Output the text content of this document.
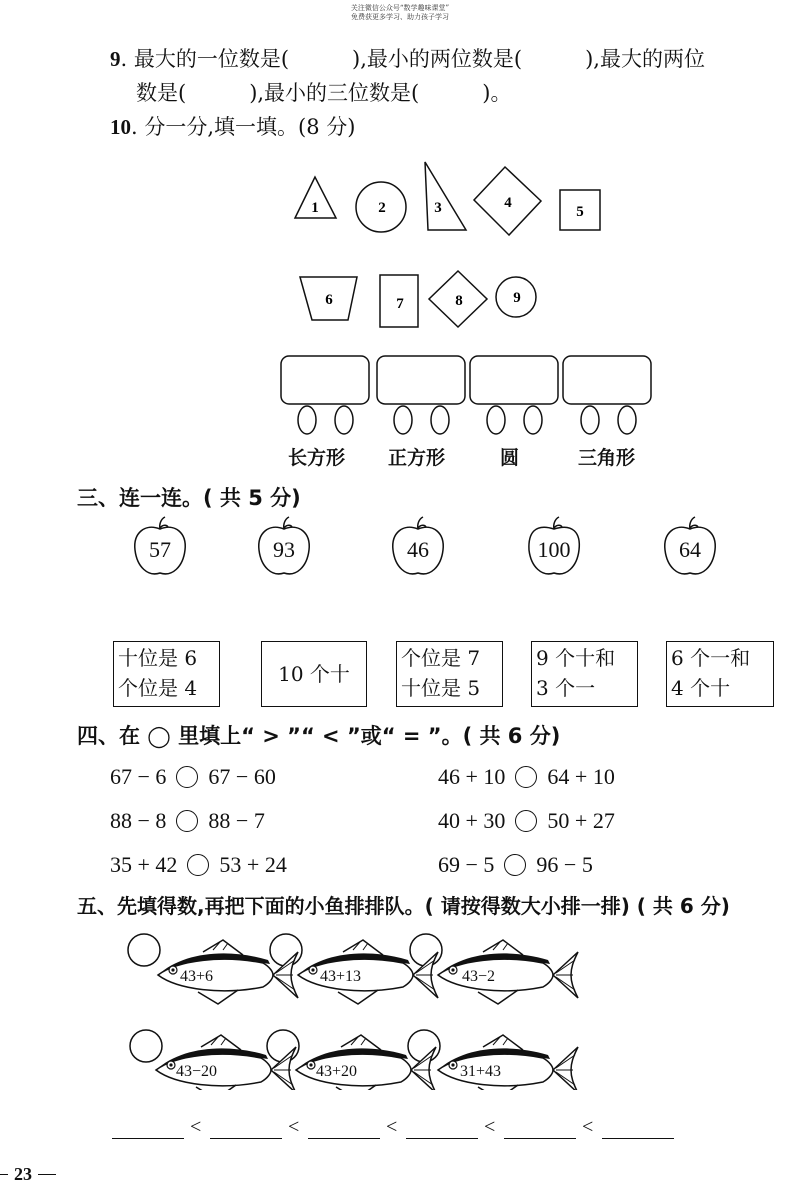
关注微信公众号“数学趣味课堂”
免费获更多学习、助力孩子学习
9. 最大的一位数是(　　　),最小的两位数是(　　　),最大的两位
数是(　　　),最小的三位数是(　　　)。
10. 分一分,填一填。(8 分)
1	2	3	4
5
6	7	8	9
长方形 正方形	圆	三角形
三、连一连。( 共 5 分)
57	93	46	100	64
十位是 6
个位是 4
10 个十
个位是 7
十位是 5
9 个十和
3 个一
6 个一和
4 个十
四、在 ◯ 里填上“ > ”“ < ”或“ = ”。( 共 6 分)
67 − 6 67 − 60	46 + 10 64 + 10
88 − 8 88 − 7	40 + 30 50 + 27
35 + 42 53 + 24	69 − 5 96 − 5
五、先填得数,再把下面的小鱼排排队。( 请按得数大小排一排) ( 共 6 分)
43+6	43+13	43−2
43−20	43+20	31+43
<	<	<	<	<
23
